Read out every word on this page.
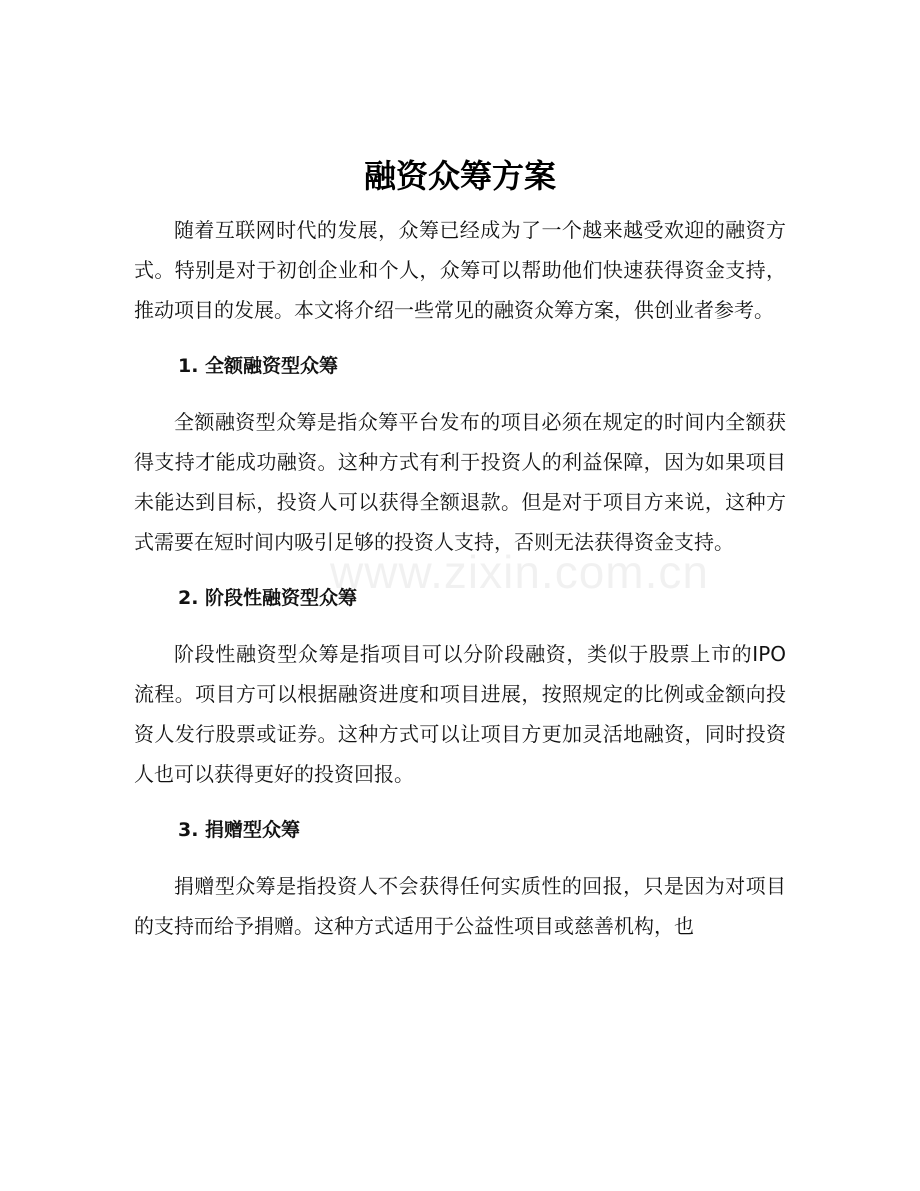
www.zixin.com.cn
融资众筹方案

随着互联网时代的发展，众筹已经成为了一个越来越受欢迎的融资方式。特别是对于初创企业和个人，众筹可以帮助他们快速获得资金支持，推动项目的发展。本文将介绍一些常见的融资众筹方案，供创业者参考。

1. 全额融资型众筹

全额融资型众筹是指众筹平台发布的项目必须在规定的时间内全额获得支持才能成功融资。这种方式有利于投资人的利益保障，因为如果项目未能达到目标，投资人可以获得全额退款。但是对于项目方来说，这种方式需要在短时间内吸引足够的投资人支持，否则无法获得资金支持。

2. 阶段性融资型众筹

阶段性融资型众筹是指项目可以分阶段融资，类似于股票上市的IPO流程。项目方可以根据融资进度和项目进展，按照规定的比例或金额向投资人发行股票或证券。这种方式可以让项目方更加灵活地融资，同时投资人也可以获得更好的投资回报。

3. 捐赠型众筹

捐赠型众筹是指投资人不会获得任何实质性的回报，只是因为对项目的支持而给予捐赠。这种方式适用于公益性项目或慈善机构，也
